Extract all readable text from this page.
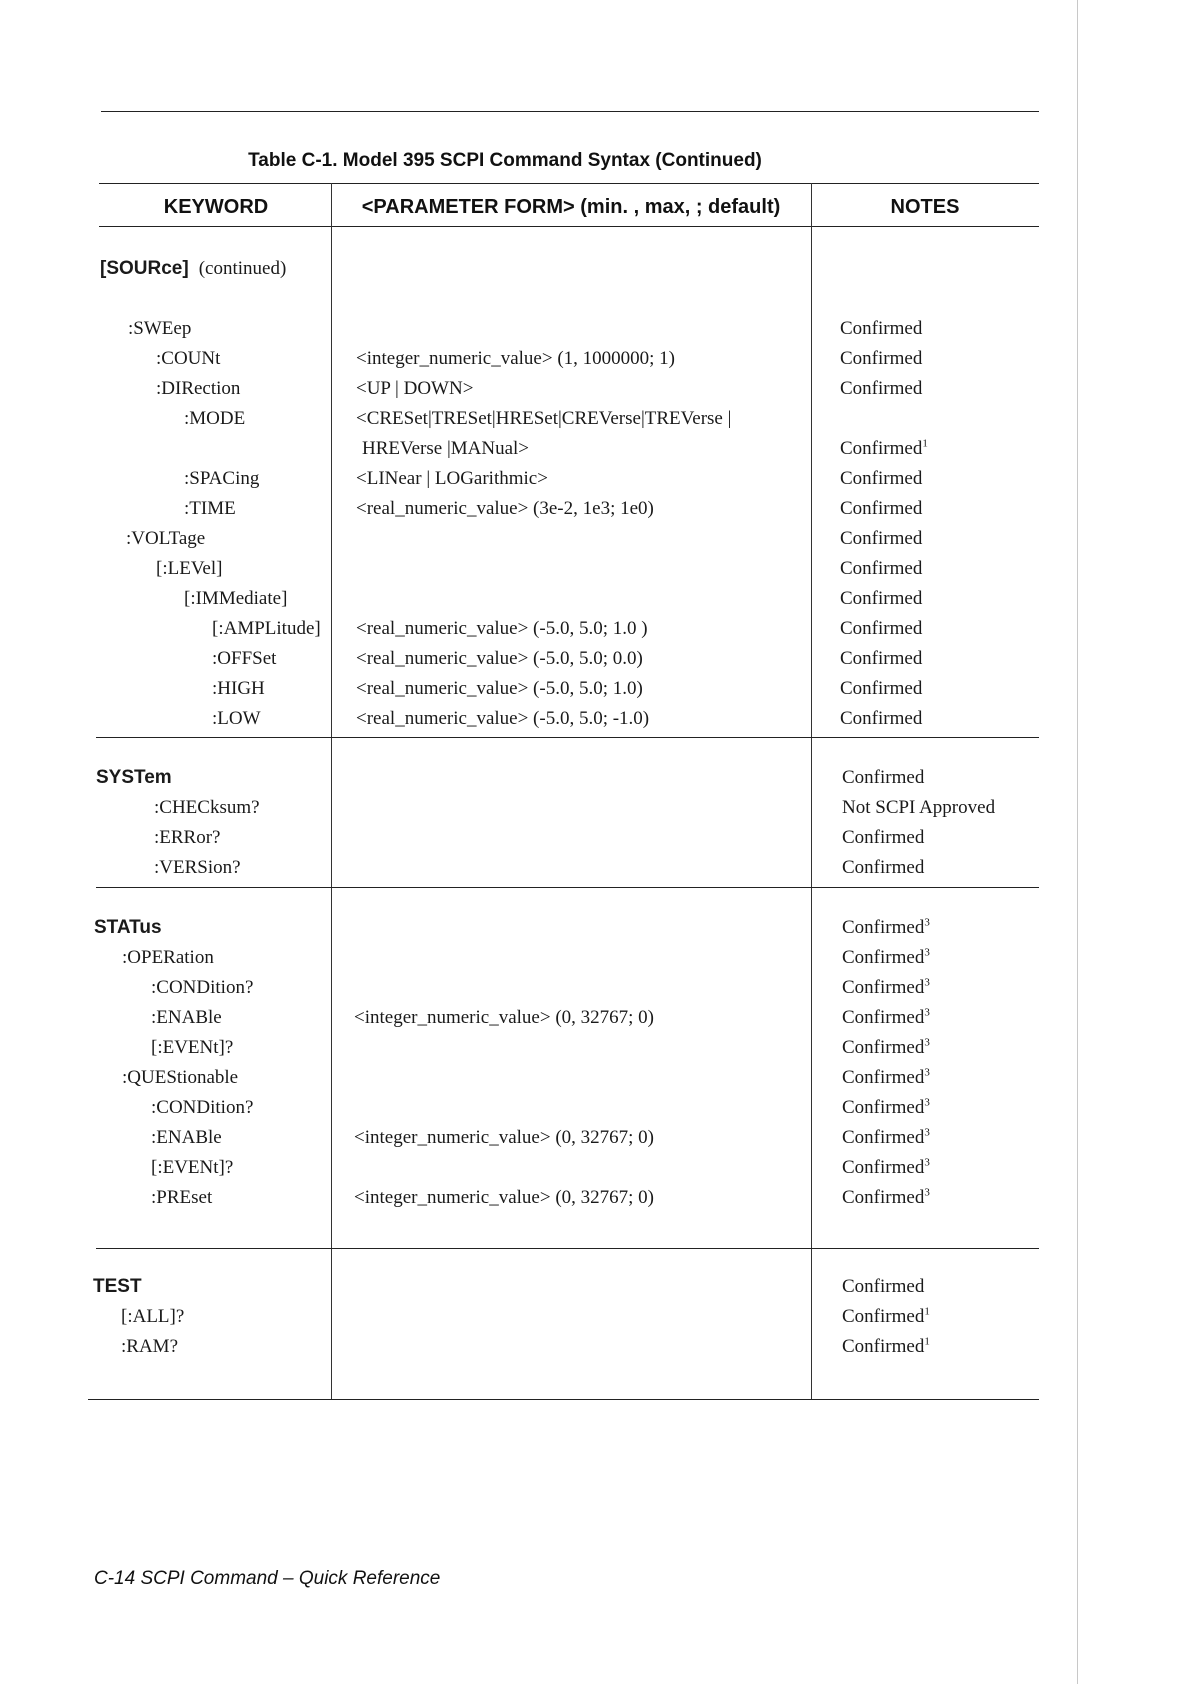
Table C-1. Model 395 SCPI Command Syntax (Continued)
KEYWORD	<PARAMETER FORM> (min. , max, ; default)	NOTES
[SOURce] (continued)
:SWEep	Confirmed
:COUNt	<integer_numeric_value> (1, 1000000; 1)	Confirmed
:DIRection	<UP | DOWN>	Confirmed
:MODE	<CRESet|TRESet|HRESet|CREVerse|TREVerse |
HREVerse |MANual>	Confirmed$^1$
:SPACing	<LINear | LOGarithmic>	Confirmed
:TIME	<real_numeric_value> (3e-2, 1e3; 1e0)	Confirmed
:VOLTage	Confirmed
[:LEVel]	Confirmed
[:IMMediate]	Confirmed
[:AMPLitude] <real_numeric_value> (-5.0, 5.0; 1.0 )	Confirmed
:OFFSet	<real_numeric_value> (-5.0, 5.0; 0.0)	Confirmed
:HIGH	<real_numeric_value> (-5.0, 5.0; 1.0)	Confirmed
:LOW	<real_numeric_value> (-5.0, 5.0; -1.0)	Confirmed
SYSTem	Confirmed
:CHECksum?	Not SCPI Approved
:ERRor?	Confirmed
:VERSion?	Confirmed
STATus	Confirmed$^3$
:OPERation	Confirmed$^3$
:CONDition?	Confirmed$^3$
:ENABle	<integer_numeric_value> (0, 32767; 0)	Confirmed$^3$
[:EVENt]?	Confirmed$^3$
:QUEStionable	Confirmed$^3$
:CONDition?	Confirmed$^3$
:ENABle	<integer_numeric_value> (0, 32767; 0)	Confirmed$^3$
[:EVENt]?	Confirmed$^3$
:PREset	<integer_numeric_value> (0, 32767; 0)	Confirmed$^3$
TEST	Confirmed
[:ALL]?	Confirmed$^1$
:RAM?	Confirmed$^1$
C-14 SCPI Command – Quick Reference
